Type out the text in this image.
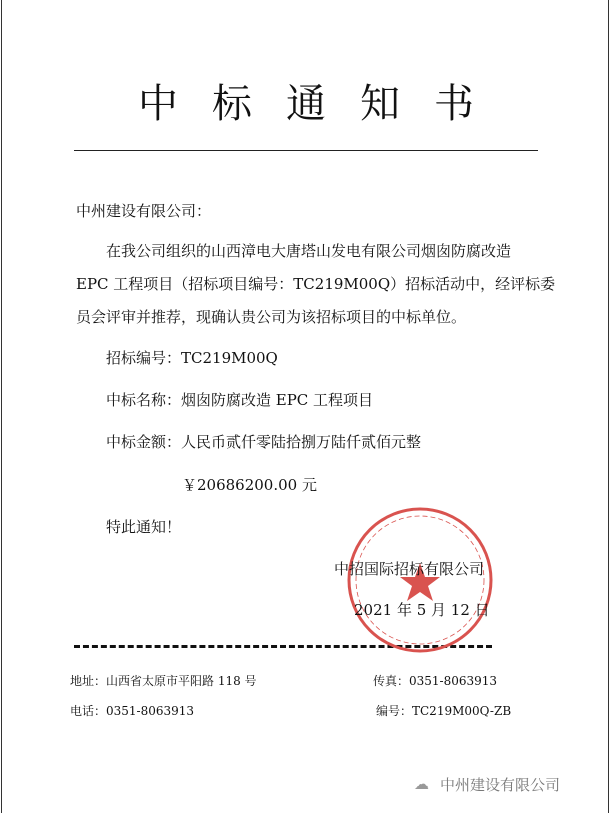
中标通知书
中州建设有限公司：
在我公司组织的山西漳电大唐塔山发电有限公司烟囱防腐改造
EPC 工程项目（招标项目编号：TC219M00Q）招标活动中，经评标委
员会评审并推荐，现确认贵公司为该招标项目的中标单位。
招标编号：TC219M00Q
中标名称：烟囱防腐改造 EPC 工程项目
中标金额：人民币贰仟零陆拾捌万陆仟贰佰元整
￥20686200.00 元
特此通知！
中招国际招标有限公司
2021 年 5 月 12 日
地址：山西省太原市平阳路 118 号	传真：0351-8063913
电话：0351-8063913	编号：TC219M00Q-ZB
☁ 中州建设有限公司
